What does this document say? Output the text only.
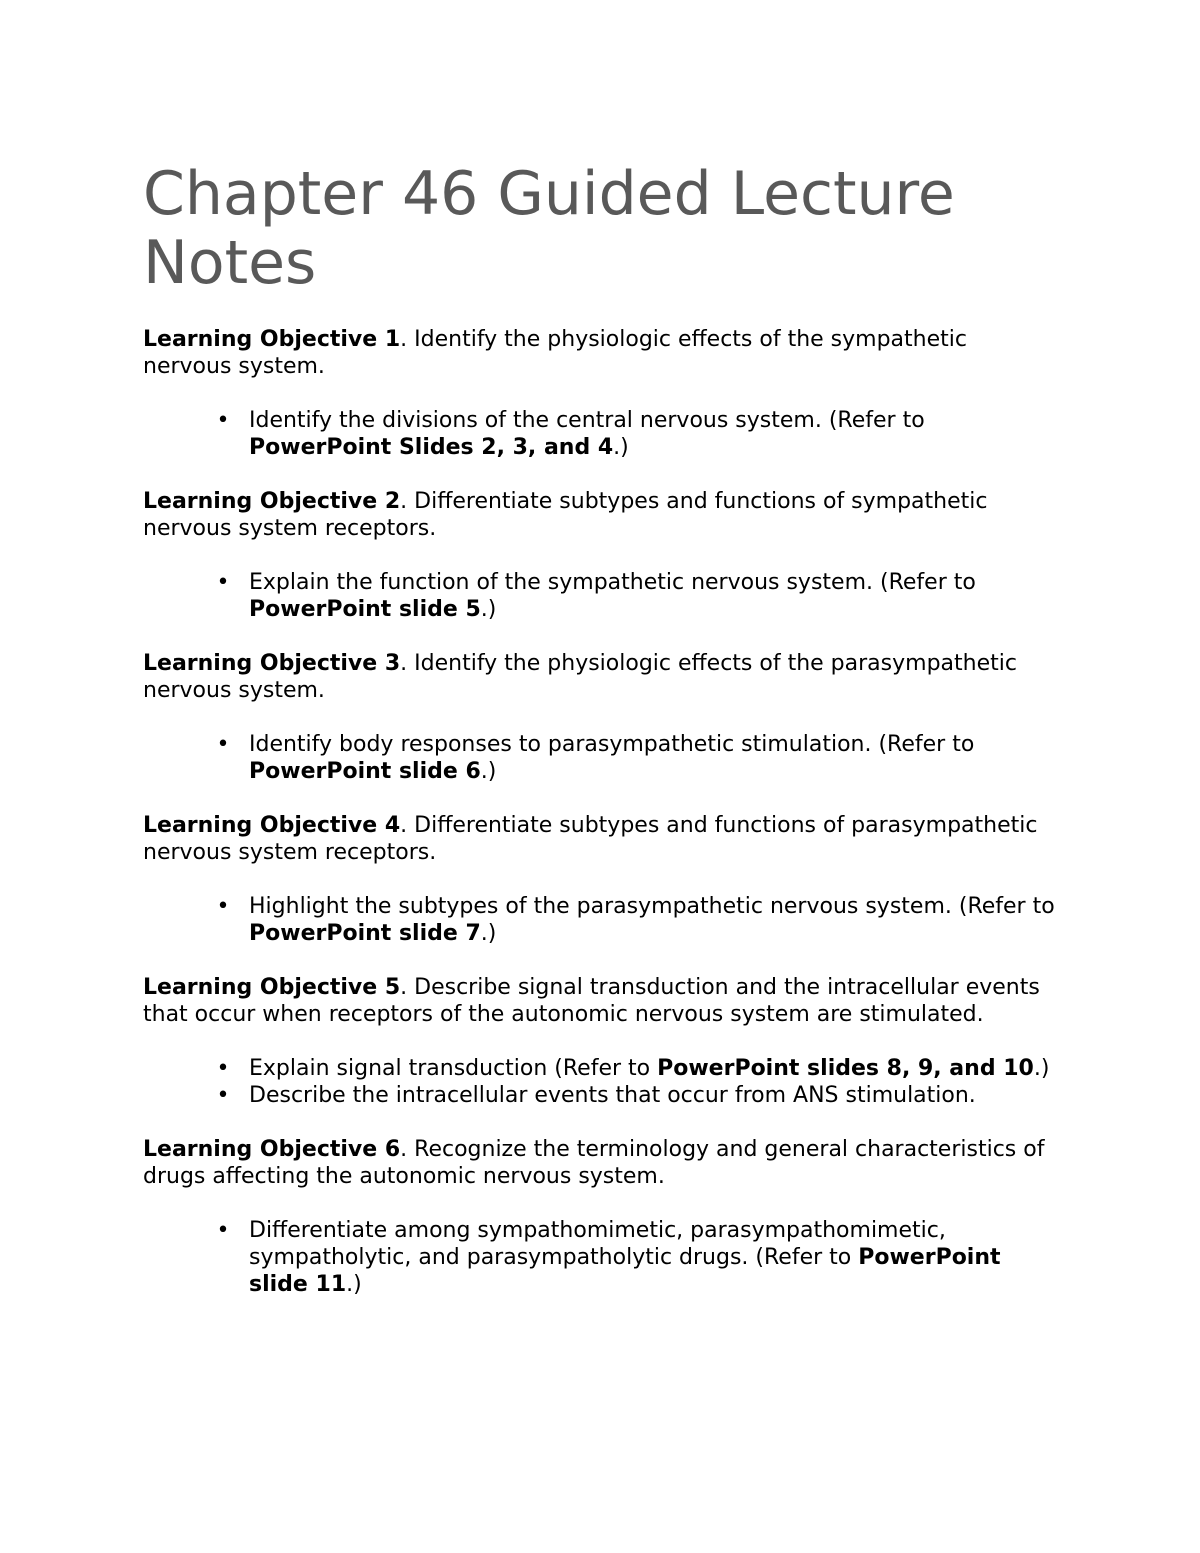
Chapter 46 Guided Lecture Notes

Learning Objective 1. Identify the physiologic effects of the sympathetic nervous system.

• Identify the divisions of the central nervous system. (Refer to PowerPoint Slides 2, 3, and 4.)

Learning Objective 2. Differentiate subtypes and functions of sympathetic nervous system receptors.

• Explain the function of the sympathetic nervous system. (Refer to PowerPoint slide 5.)

Learning Objective 3. Identify the physiologic effects of the parasympathetic nervous system.

• Identify body responses to parasympathetic stimulation. (Refer to PowerPoint slide 6.)

Learning Objective 4. Differentiate subtypes and functions of parasympathetic nervous system receptors.

• Highlight the subtypes of the parasympathetic nervous system. (Refer to PowerPoint slide 7.)

Learning Objective 5. Describe signal transduction and the intracellular events that occur when receptors of the autonomic nervous system are stimulated.

• Explain signal transduction (Refer to PowerPoint slides 8, 9, and 10.)
• Describe the intracellular events that occur from ANS stimulation.

Learning Objective 6. Recognize the terminology and general characteristics of drugs affecting the autonomic nervous system.

• Differentiate among sympathomimetic, parasympathomimetic, sympatholytic, and parasympatholytic drugs. (Refer to PowerPoint slide 11.)
